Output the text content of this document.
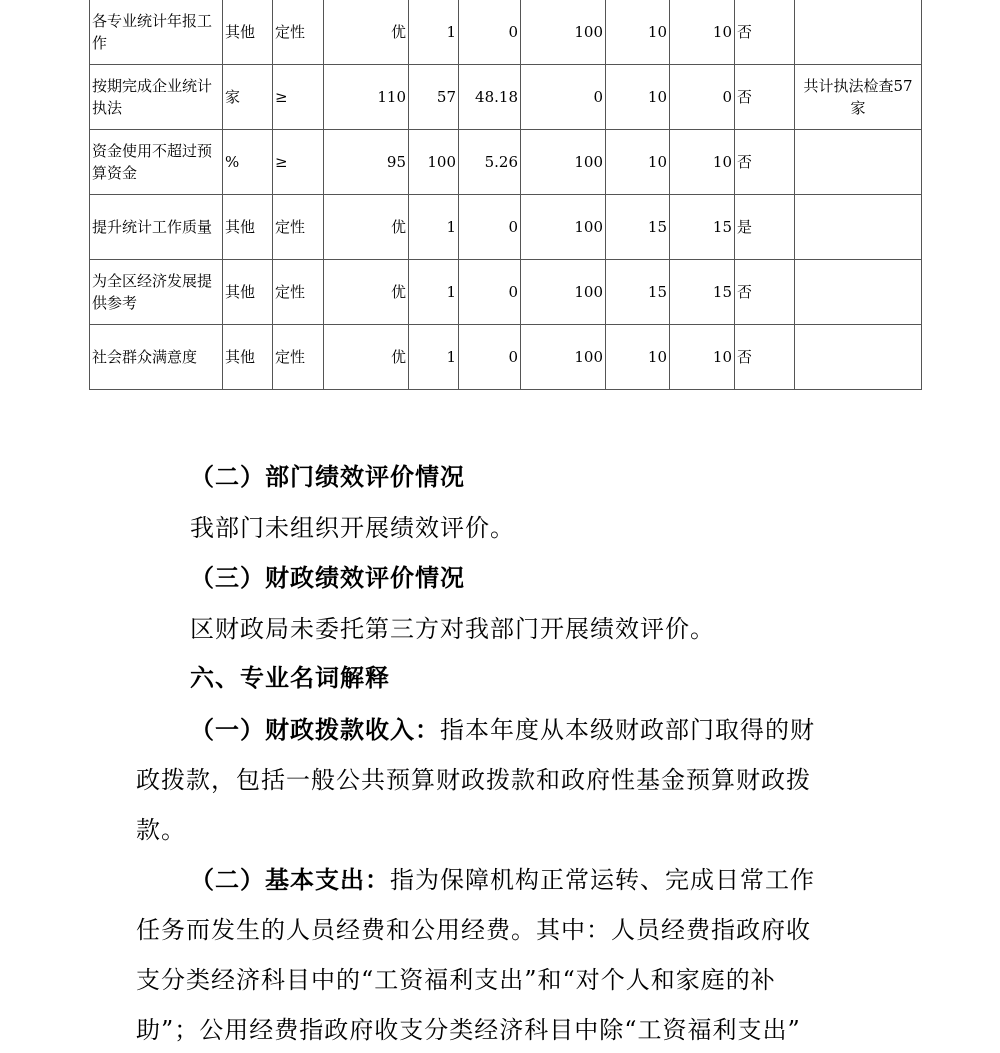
各专业统计年报工作	其他	定性	优	1	0	100	10	10	否	
按期完成企业统计执法	家	≥	110	57	48.18	0	10	0	否	共计执法检查57家
资金使用不超过预算资金	%	≥	95	100	5.26	100	10	10	否	
提升统计工作质量	其他	定性	优	1	0	100	15	15	是	
为全区经济发展提供参考	其他	定性	优	1	0	100	15	15	否	
社会群众满意度	其他	定性	优	1	0	100	10	10	否	
（二）部门绩效评价情况
我部门未组织开展绩效评价。
（三）财政绩效评价情况
区财政局未委托第三方对我部门开展绩效评价。
六、专业名词解释
（一）财政拨款收入：指本年度从本级财政部门取得的财
政拨款，包括一般公共预算财政拨款和政府性基金预算财政拨
款。
（二）基本支出：指为保障机构正常运转、完成日常工作
任务而发生的人员经费和公用经费。其中：人员经费指政府收
支分类经济科目中的“工资福利支出”和“对个人和家庭的补
助”；公用经费指政府收支分类经济科目中除“工资福利支出”
